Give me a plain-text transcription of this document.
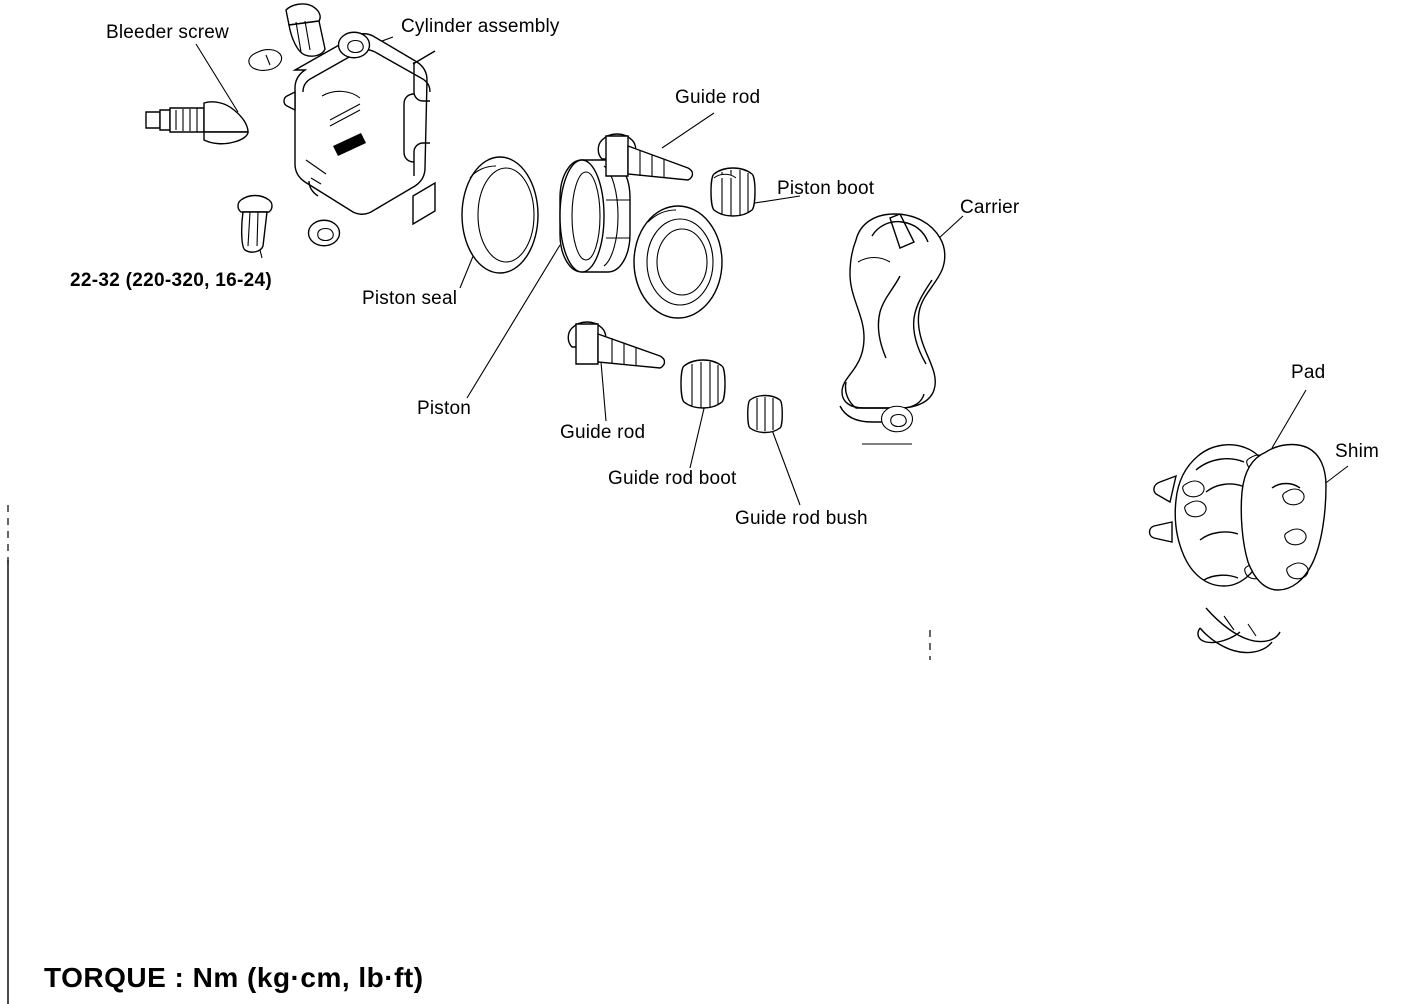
Bleeder screw	Cylinder assembly
Guide rod
Piston boot
Carrier
Piston seal
Piston
Guide rod
Guide rod boot
Guide rod bush
Pad
Shim
22-32 (220-320, 16-24)
TORQUE : Nm (kg·cm, lb·ft)
